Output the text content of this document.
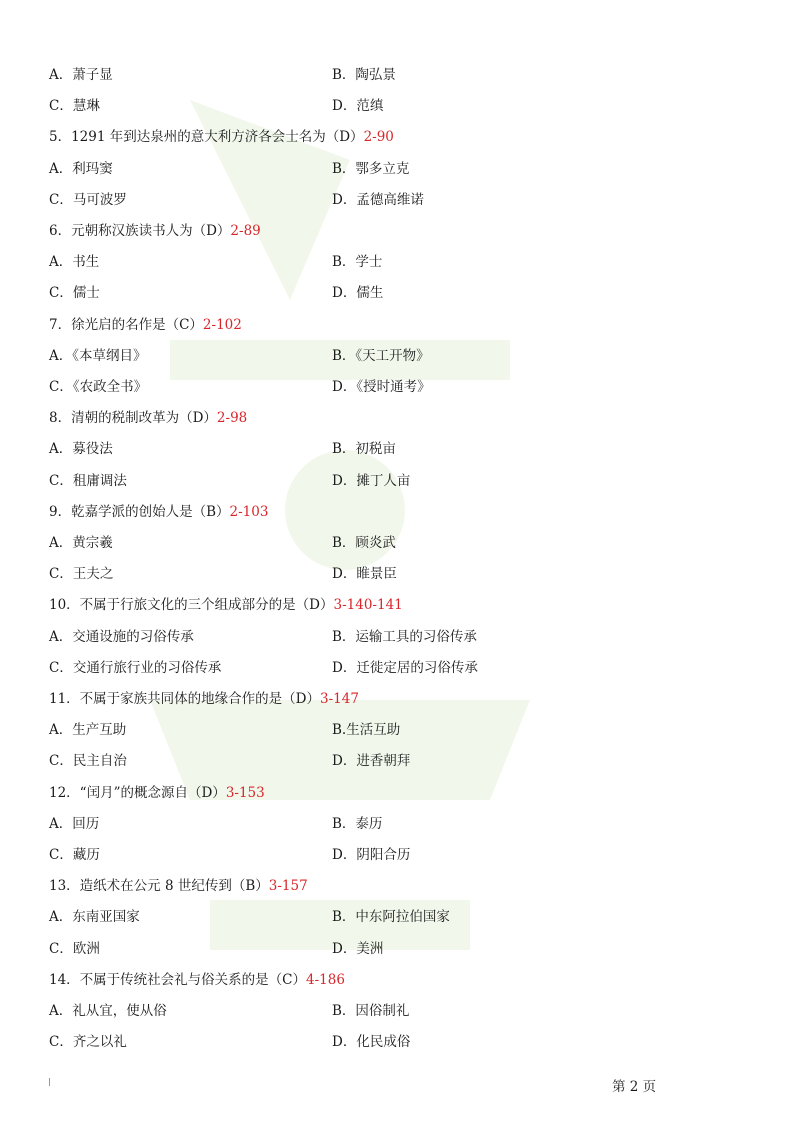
A．萧子显	B．陶弘景
C．慧琳	D．范缜
5．1291 年到达泉州的意大利方济各会士名为（D）2-90
A．利玛窦	B．鄂多立克
C．马可波罗	D．孟德高维诺
6．元朝称汉族读书人为（D）2-89
A．书生	B．学士
C．儒士	D．儒生
7．徐光启的名作是（C）2-102
A．《本草纲目》	B．《天工开物》
C．《农政全书》	D．《授时通考》
8．清朝的税制改革为（D）2-98
A．募役法	B．初税亩
C．租庸调法	D．摊丁人亩
9．乾嘉学派的创始人是（B）2-103
A．黄宗羲	B．顾炎武
C．王夫之	D．睢景臣
10．不属于行旅文化的三个组成部分的是（D）3-140-141
A．交通设施的习俗传承	B．运输工具的习俗传承
C．交通行旅行业的习俗传承	D．迁徙定居的习俗传承
11．不属于家族共同体的地缘合作的是（D）3-147
A．生产互助	B.生活互助
C．民主自治	D．进香朝拜
12．“闰月”的概念源自（D）3-153
A．回历	B．泰历
C．藏历	D．阴阳合历
13．造纸术在公元 8 世纪传到（B）3-157
A．东南亚国家	B．中东阿拉伯国家
C．欧洲	D．美洲
14．不属于传统社会礼与俗关系的是（C）4-186
A．礼从宜，使从俗	B．因俗制礼
C．齐之以礼	D．化民成俗
第 2 页
